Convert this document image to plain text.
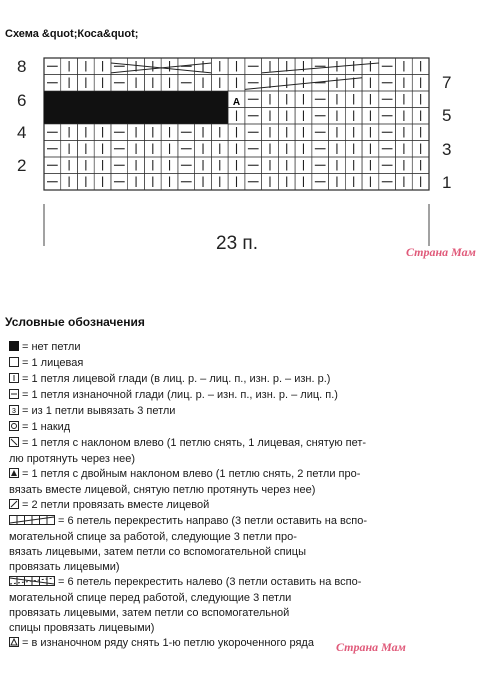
Схема &quot;Коса&quot;
A
8
6
4
2
7
5
3
1
23 п.	Страна Мам
Условные обозначения
= нет петли
= 1 лицевая
= 1 петля лицевой глади (в лиц. р. – лиц. п., изн. р. – изн. р.)
= 1 петля изнаночной глади (лиц. р. – изн. п., изн. р. – лиц. п.)
3 = из 1 петли вывязать 3 петли
= 1 накид
= 1 петля с наклоном влево (1 петлю снять, 1 лицевая, снятую пет-
лю протянуть через нее)
= 1 петля с двойным наклоном влево (1 петлю снять, 2 петли про-
вязать вместе лицевой, снятую петлю протянуть через нее)
= 2 петли провязать вместе лицевой
= 6 петель перекрестить направо (3 петли оставить на вспо-
могательной спице за работой, следующие 3 петли про-
вязать лицевыми, затем петли со вспомогательной спицы
провязать лицевыми)
= 6 петель перекрестить налево (3 петли оставить на вспо-
могательной спице перед работой, следующие 3 петли
провязать лицевыми, затем петли со вспомогательной
спицы провязать лицевыми)
= в изнаночном ряду снять 1-ю петлю укороченного ряда	Страна Мам
